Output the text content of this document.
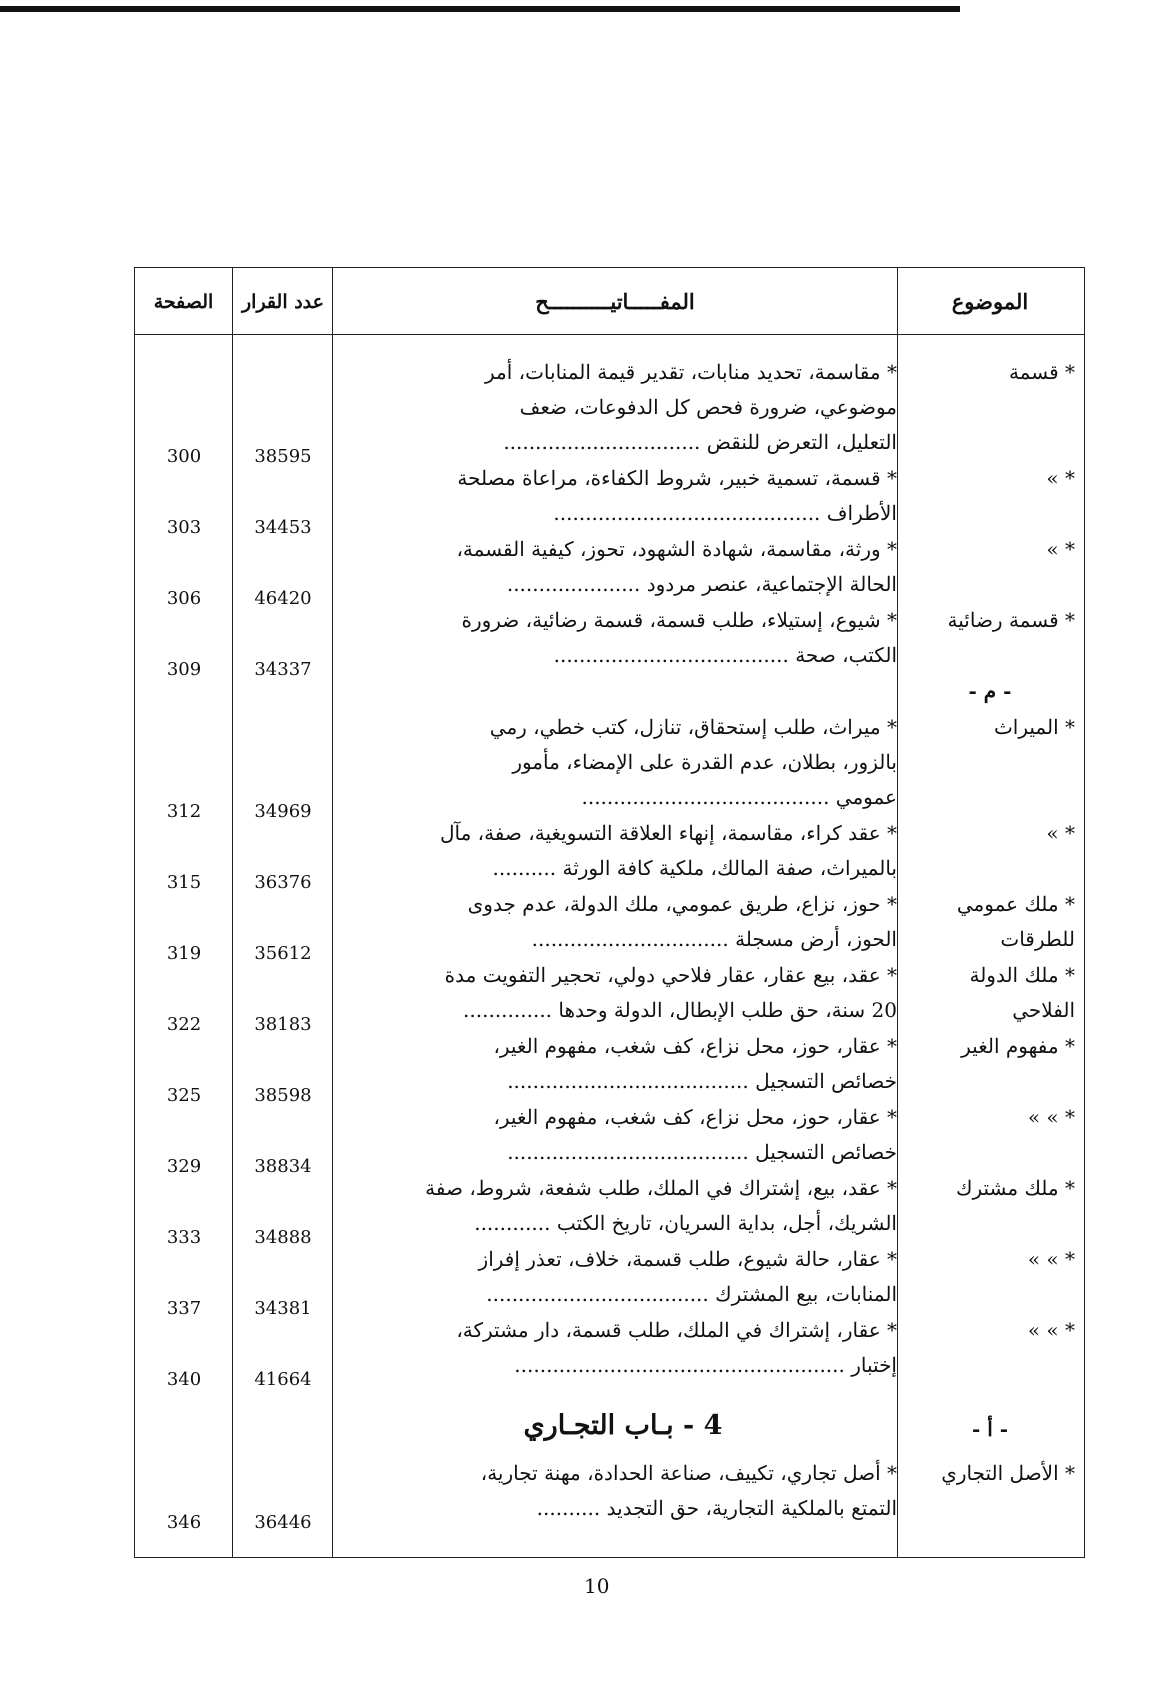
الموضوع
المفـــــاتيــــــــــح
عدد القرار
الصفحة
* قسمة
* مقاسمة، تحديد منابات، تقدير قيمة المنابات، أمر
موضوعي، ضرورة فحص كل الدفوعات، ضعف
التعليل، التعرض للنقض ...............................
38595
300
* »
* قسمة، تسمية خبير، شروط الكفاءة، مراعاة مصلحة
الأطراف ..........................................
34453
303
* »
* ورثة، مقاسمة، شهادة الشهود، تحوز، كيفية القسمة،
الحالة الإجتماعية، عنصر مردود .....................
46420
306
* قسمة رضائية
* شيوع، إستيلاء، طلب قسمة، قسمة رضائية، ضرورة
الكتب، صحة .....................................
34337
309
- م -
* الميراث
* ميراث، طلب إستحقاق، تنازل، كتب خطي، رمي
بالزور، بطلان، عدم القدرة على الإمضاء، مأمور
عمومي .......................................
34969
312
* »
* عقد كراء، مقاسمة، إنهاء العلاقة التسويغية، صفة، مآل
بالميراث، صفة المالك، ملكية كافة الورثة ..........
36376
315
* ملك عمومي للطرقات
* حوز، نزاع، طريق عمومي، ملك الدولة، عدم جدوى
الحوز، أرض مسجلة ...............................
35612
319
* ملك الدولة الفلاحي
* عقد، بيع عقار، عقار فلاحي دولي، تحجير التفويت مدة
20 سنة، حق طلب الإبطال، الدولة وحدها ..............
38183
322
* مفهوم الغير
* عقار، حوز، محل نزاع، كف شغب، مفهوم الغير،
خصائص التسجيل ......................................
38598
325
* » »
* عقار، حوز، محل نزاع، كف شغب، مفهوم الغير،
خصائص التسجيل ......................................
38834
329
* ملك مشترك
* عقد، بيع، إشتراك في الملك، طلب شفعة، شروط، صفة
الشريك، أجل، بداية السريان، تاريخ الكتب ............
34888
333
* » »
* عقار، حالة شيوع، طلب قسمة، خلاف، تعذر إفراز
المنابات، بيع المشترك ...................................
34381
337
* » »
* عقار، إشتراك في الملك، طلب قسمة، دار مشتركة،
إختبار ....................................................
41664
340
4 - بـاب التجـاري	- أ -
* الأصل التجاري
* أصل تجاري، تكييف، صناعة الحدادة، مهنة تجارية،
التمتع بالملكية التجارية، حق التجديد ..........
36446
346
10
